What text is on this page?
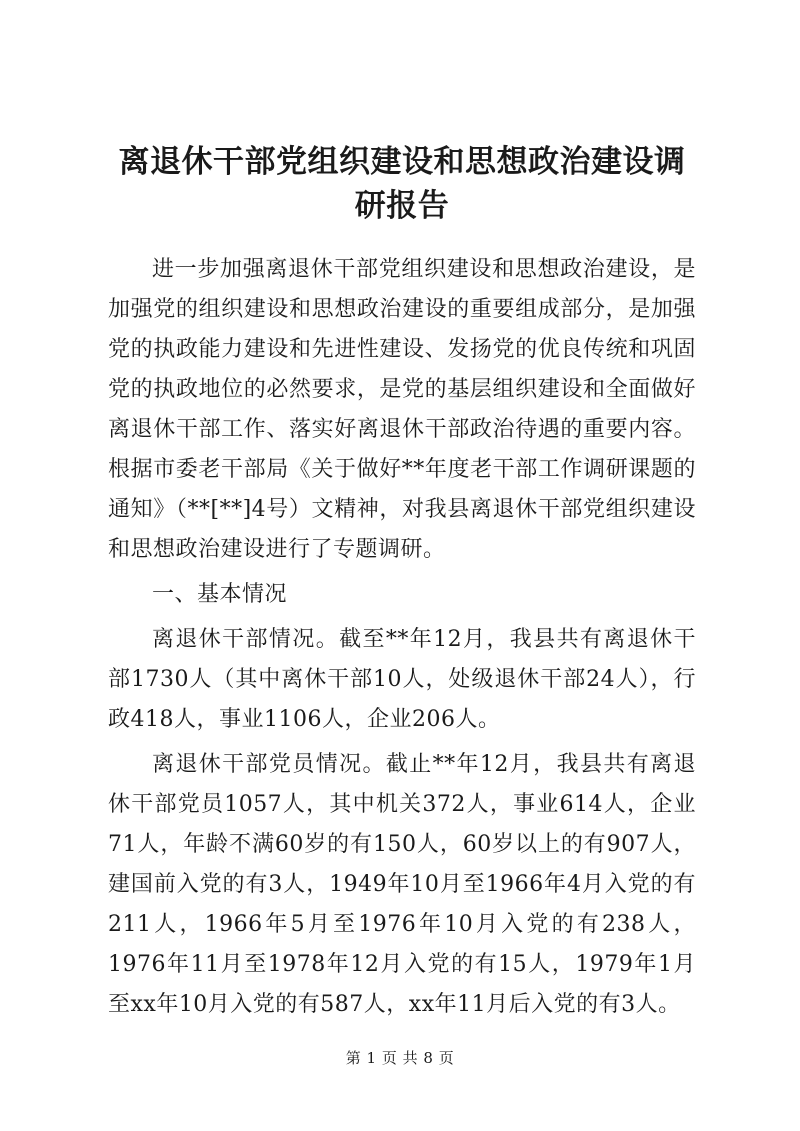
离退休干部党组织建设和思想政治建设调研报告

进一步加强离退休干部党组织建设和思想政治建设，是加强党的组织建设和思想政治建设的重要组成部分，是加强党的执政能力建设和先进性建设、发扬党的优良传统和巩固党的执政地位的必然要求，是党的基层组织建设和全面做好离退休干部工作、落实好离退休干部政治待遇的重要内容。根据市委老干部局《关于做好**年度老干部工作调研课题的通知》（**[**]4号）文精神，对我县离退休干部党组织建设和思想政治建设进行了专题调研。

一、基本情况

离退休干部情况。截至**年12月，我县共有离退休干部1730人（其中离休干部10人，处级退休干部24人），行政418人，事业1106人，企业206人。

离退休干部党员情况。截止**年12月，我县共有离退休干部党员1057人，其中机关372人，事业614人，企业71人，年龄不满60岁的有150人，60岁以上的有907人，建国前入党的有3人，1949年10月至1966年4月入党的有211人，1966年5月至1976年10月入党的有238人，1976年11月至1978年12月入党的有15人，1979年1月至xx年10月入党的有587人，xx年11月后入党的有3人。

第 1 页 共 8 页
